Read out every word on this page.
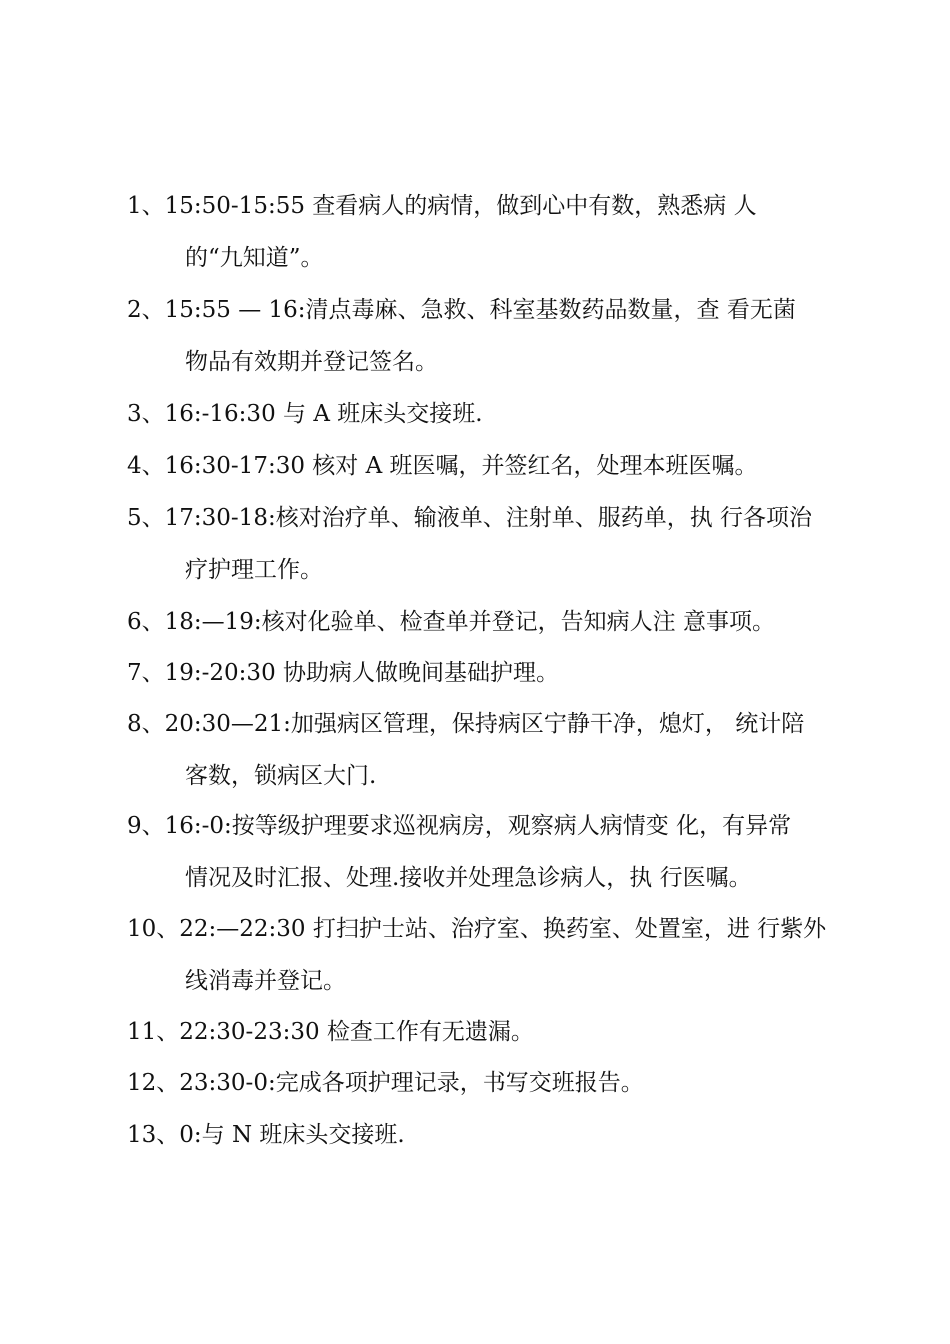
1、15:50-15:55 查看病人的病情，做到心中有数，熟悉病 人
的“九知道”。
2、15:55 — 16:清点毒麻、急救、科室基数药品数量，查 看无菌
物品有效期并登记签名。
3、16:-16:30 与 A 班床头交接班.
4、16:30-17:30 核对 A 班医嘱，并签红名，处理本班医嘱。
5、17:30-18:核对治疗单、输液单、注射单、服药单，执 行各项治
疗护理工作。
6、18:—19:核对化验单、检查单并登记，告知病人注 意事项。
7、19:-20:30 协助病人做晚间基础护理。
8、20:30—21:加强病区管理，保持病区宁静干净，熄灯， 统计陪
客数，锁病区大门.
9、16:-0:按等级护理要求巡视病房，观察病人病情变 化，有异常
情况及时汇报、处理.接收并处理急诊病人，执 行医嘱。
10、22:—22:30 打扫护士站、治疗室、换药室、处置室，进 行紫外
线消毒并登记。
11、22:30-23:30 检查工作有无遗漏。
12、23:30-0:完成各项护理记录，书写交班报告。
13、0:与 N 班床头交接班.
